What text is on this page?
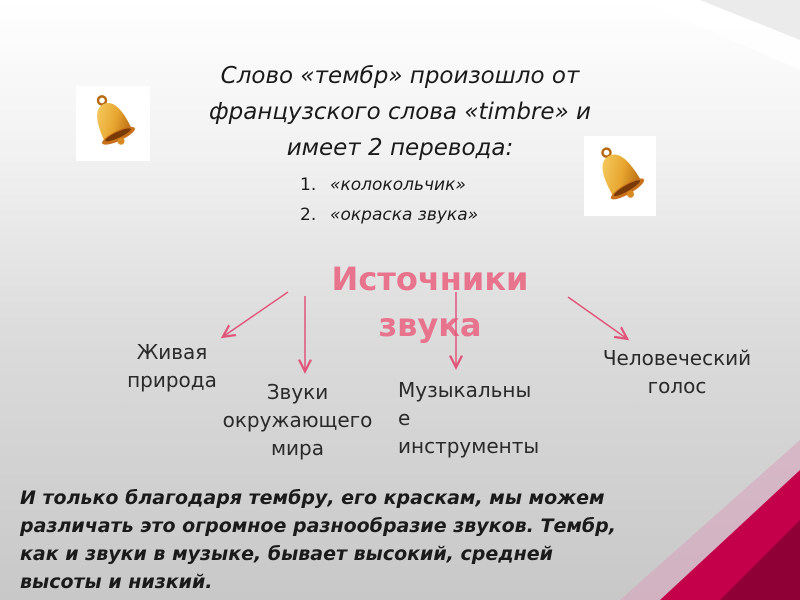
Слово «тембр» произошло от
французского слова «timbre» и
имеет 2 перевода:
1. «колокольчик»
2. «окраска звука»
Источники
звука
Живая
природа	Звуки
окружающего
мира
Музыкальны
е
инструменты
Человеческий
голос
И только благодаря тембру, его краскам, мы можем
различать это огромное разнообразие звуков. Тембр,
как и звуки в музыке, бывает высокий, средней
высоты и низкий.
